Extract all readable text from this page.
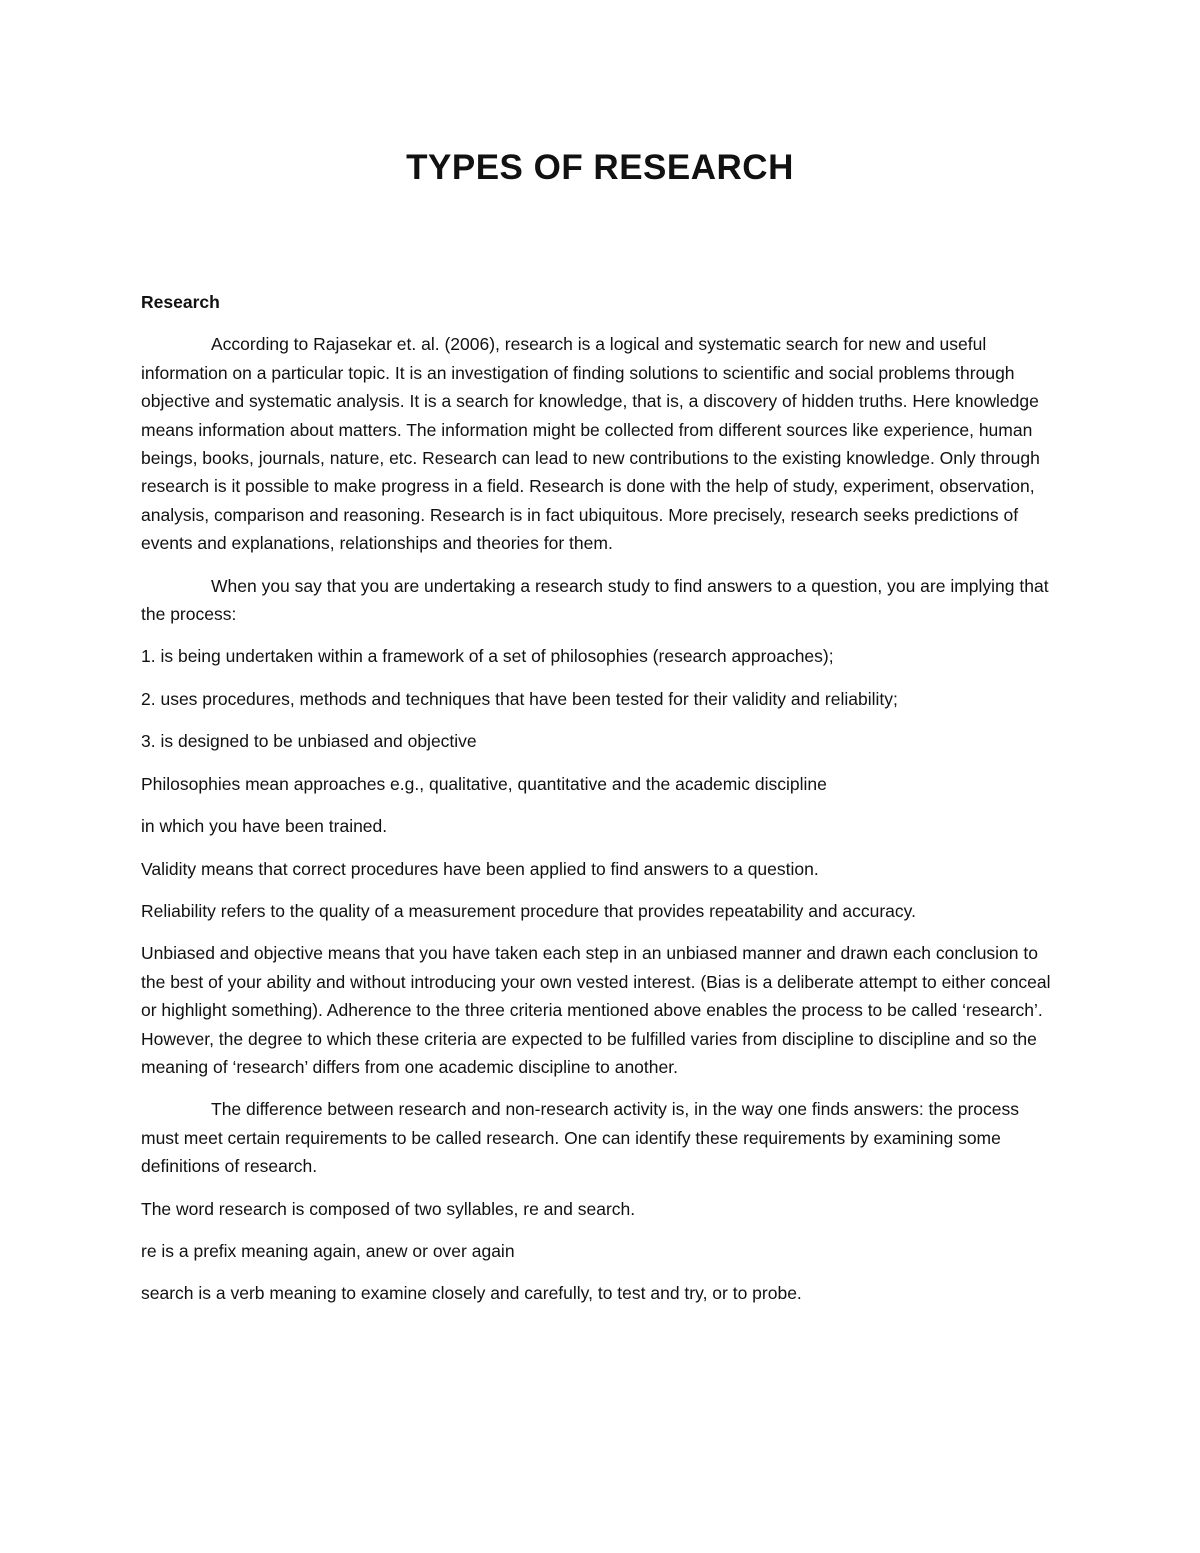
TYPES OF RESEARCH

Research

According to Rajasekar et. al. (2006), research is a logical and systematic search for new and useful information on a particular topic. It is an investigation of finding solutions to scientific and social problems through objective and systematic analysis. It is a search for knowledge, that is, a discovery of hidden truths. Here knowledge means information about matters. The information might be collected from different sources like experience, human beings, books, journals, nature, etc. Research can lead to new contributions to the existing knowledge. Only through research is it possible to make progress in a field. Research is done with the help of study, experiment, observation, analysis, comparison and reasoning. Research is in fact ubiquitous. More precisely, research seeks predictions of events and explanations, relationships and theories for them.

When you say that you are undertaking a research study to find answers to a question, you are implying that the process:

1. is being undertaken within a framework of a set of philosophies (research approaches);

2. uses procedures, methods and techniques that have been tested for their validity and reliability;

3. is designed to be unbiased and objective

Philosophies mean approaches e.g., qualitative, quantitative and the academic discipline

in which you have been trained.

Validity means that correct procedures have been applied to find answers to a question.

Reliability refers to the quality of a measurement procedure that provides repeatability and accuracy.

Unbiased and objective means that you have taken each step in an unbiased manner and drawn each conclusion to the best of your ability and without introducing your own vested interest. (Bias is a deliberate attempt to either conceal or highlight something). Adherence to the three criteria mentioned above enables the process to be called ‘research’. However, the degree to which these criteria are expected to be fulfilled varies from discipline to discipline and so the meaning of ‘research’ differs from one academic discipline to another.

The difference between research and non-research activity is, in the way one finds answers: the process must meet certain requirements to be called research. One can identify these requirements by examining some definitions of research.

The word research is composed of two syllables, re and search.

re is a prefix meaning again, anew or over again

search is a verb meaning to examine closely and carefully, to test and try, or to probe.
